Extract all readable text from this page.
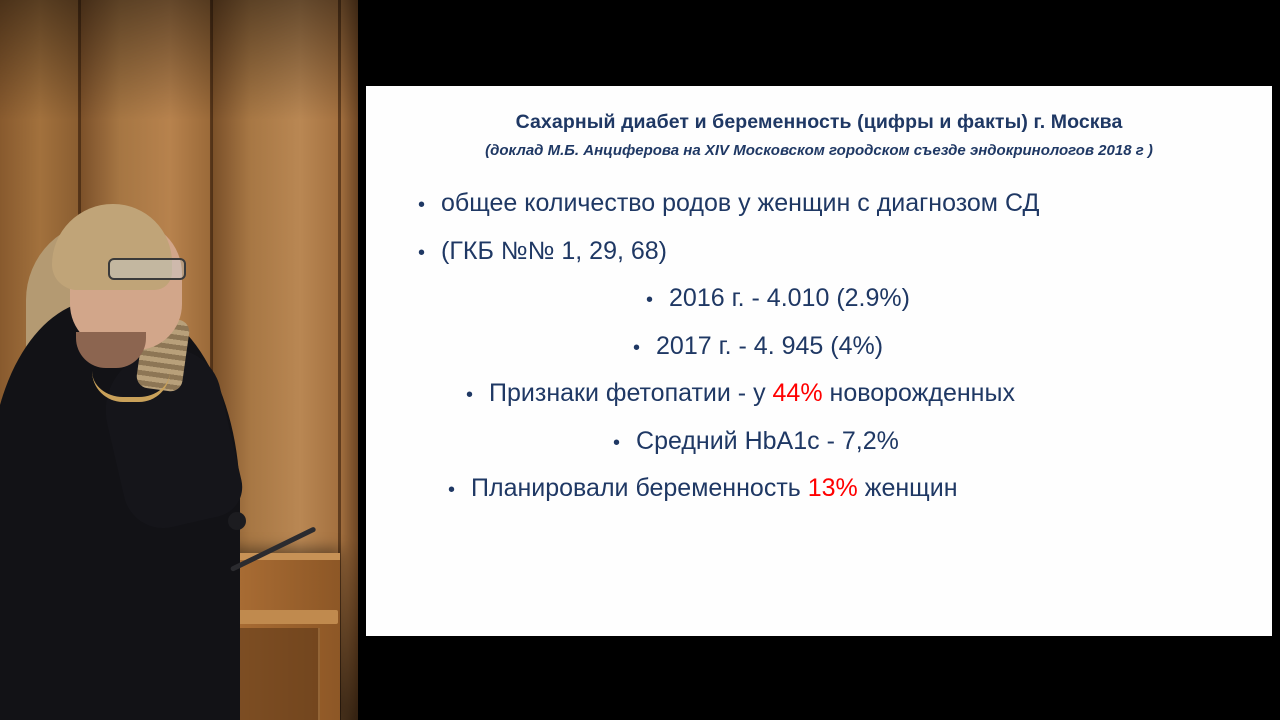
Сахарный диабет и беременность (цифры и факты) г. Москва
(доклад М.Б. Анциферова на XIV Московском городском съезде эндокринологов 2018 г )
• общее количество родов у женщин с диагнозом СД
• (ГКБ №№ 1, 29, 68)
• 2016 г. - 4.010 (2.9%)
• 2017 г. - 4. 945 (4%)
• Признаки фетопатии - у 44% новорожденных
• Средний HbA1c - 7,2%
• Планировали беременность 13% женщин
